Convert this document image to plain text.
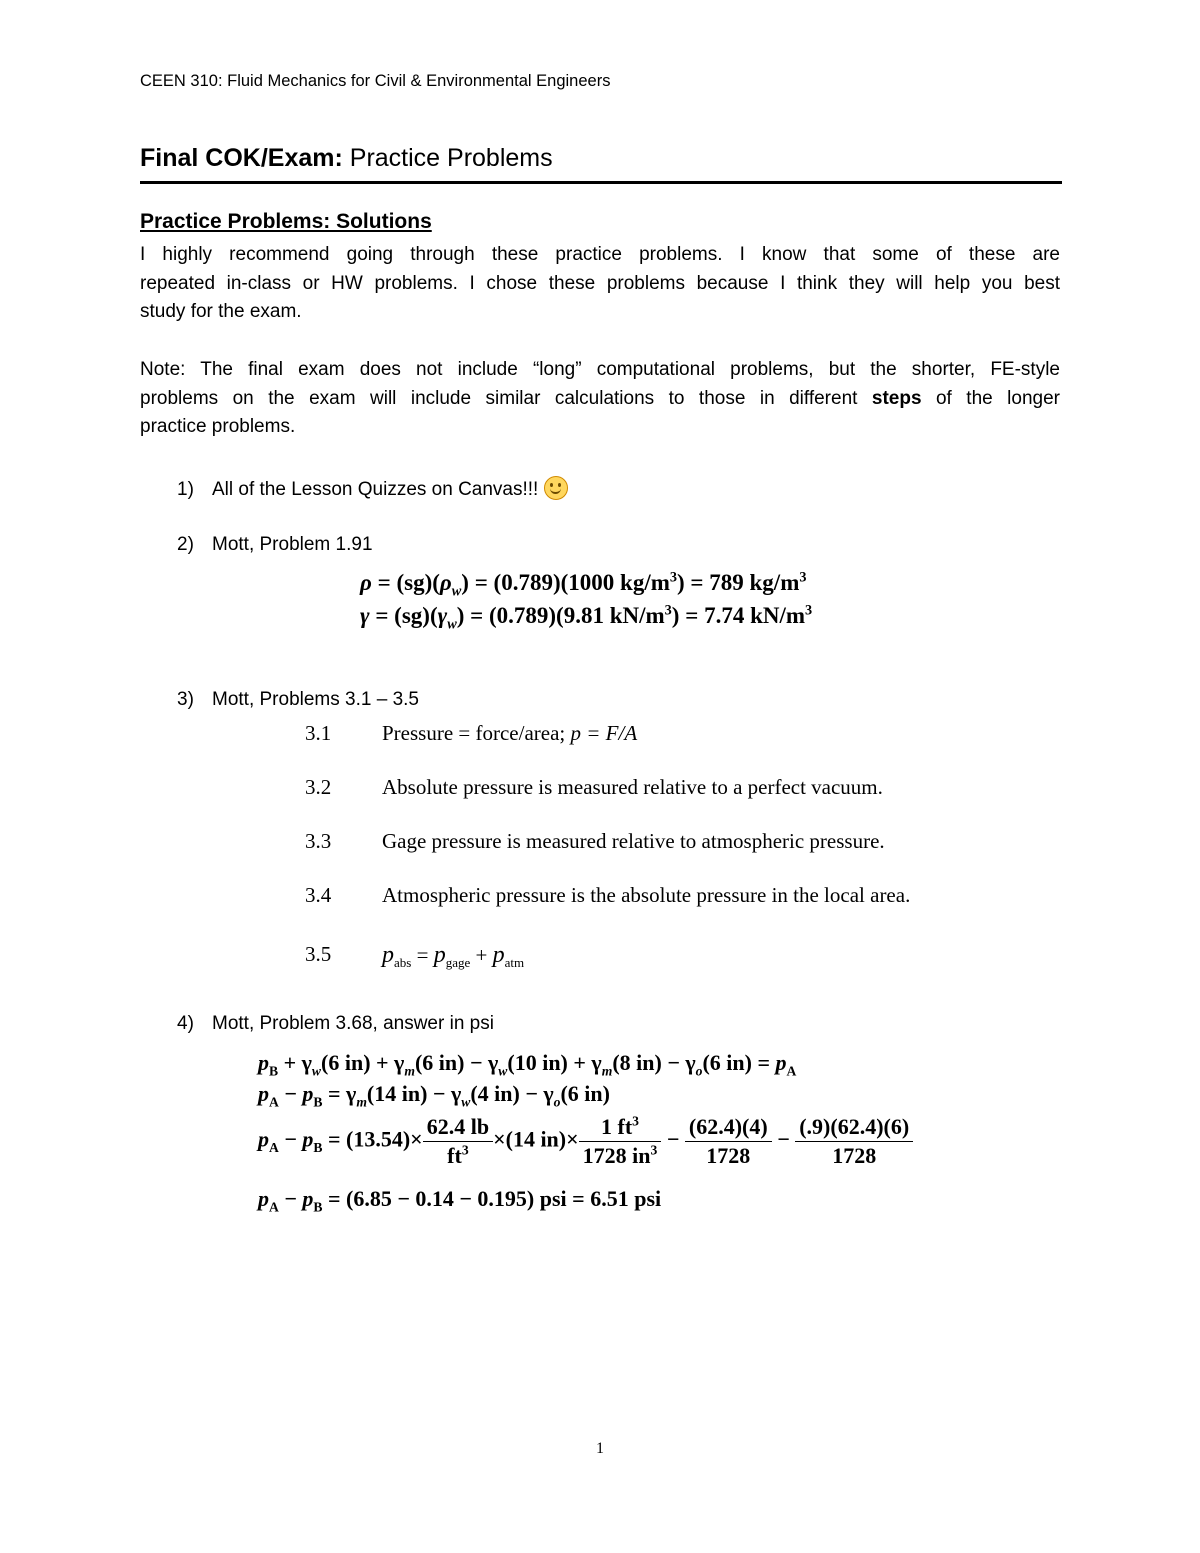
CEEN 310: Fluid Mechanics for Civil & Environmental Engineers
Final COK/Exam: Practice Problems
Practice Problems: Solutions
I highly recommend going through these practice problems. I know that some of these are
repeated in-class or HW problems. I chose these problems because I think they will help you best
study for the exam.
Note: The final exam does not include “long” computational problems, but the shorter, FE-style
problems on the exam will include similar calculations to those in different steps of the longer
practice problems.
1) All of the Lesson Quizzes on Canvas!!!
2) Mott, Problem 1.91
$\rho = (sg)(\rho_w) = (0.789)(1000$ $kg/m^3) = 789$ $kg/m^3$
$\gamma = (sg)(\gamma_w) = (0.789)(9.81$ $kN/m^3) = 7.74$ $kN/m^3$
3) Mott, Problems 3.1 – 3.5
3.1 Pressure = force/area; p = F/A
3.2 Absolute pressure is measured relative to a perfect vacuum.
3.3 Gage pressure is measured relative to atmospheric pressure.
3.4 Atmospheric pressure is the absolute pressure in the local area.
3.5 $p_{abs} = p_{gage} + p_{atm}$
4) Mott, Problem 3.68, answer in psi
$p_B + \gamma_w(6$ $in) + \gamma_m(6$ $in) - \gamma_w(10$ $in) + \gamma_m(8$ $in) - \gamma_o(6$ $in) = p_A$
$p_A - p_B = \gamma_m(14$ $in) - \gamma_w(4$ $in) - \gamma_o(6$ in)
$p_A - p_B = (13.54)\times \frac{62.4 lb}{ft^3} \times(14$ $in)\times \frac{1 ft^3}{1728 in^3} - \frac{(62.4)(4)}{1728} - \frac{(.9)(62.4)(6)}{1728}$
$p_A - p_B = (6.85 - 0.14 - 0.195)$ psi = 6.51 psi
1
